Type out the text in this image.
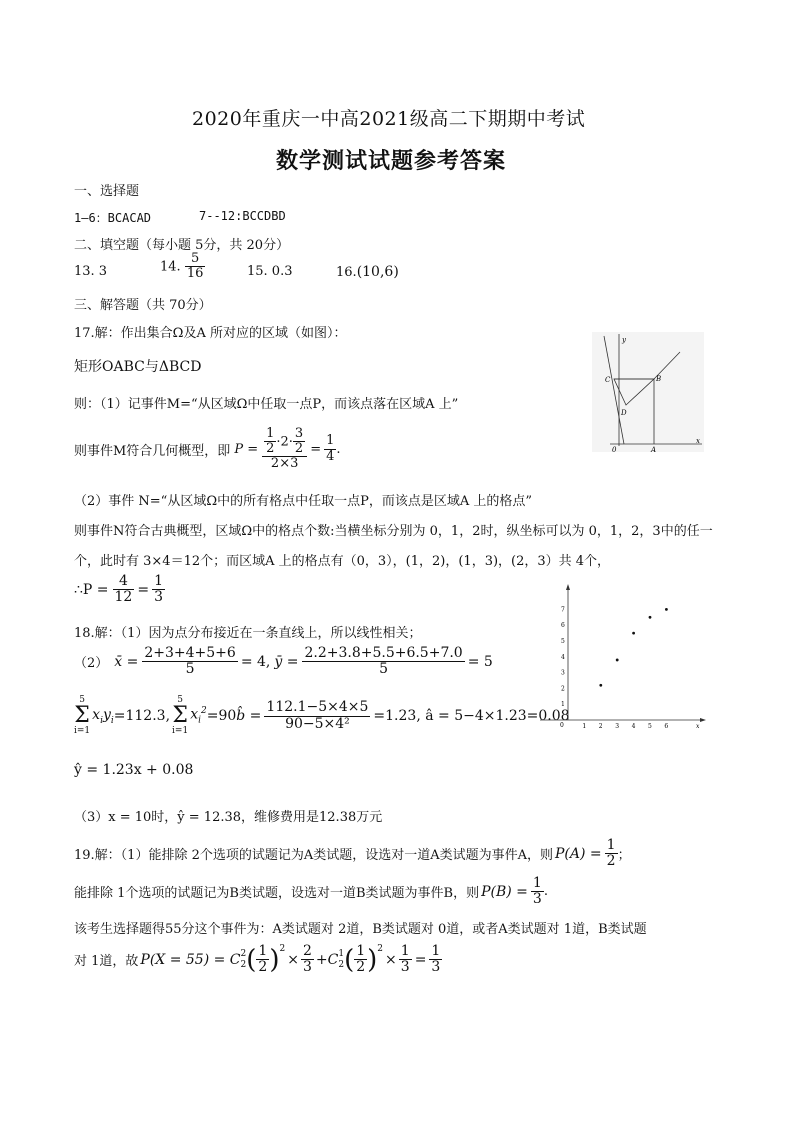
2020年重庆一中高2021级高二下期期中考试
数学测试试题参考答案
一、选择题
1—6：BCACAD	7--12:BCCDBD
二、填空题（每小题 5分，共 20分）
13. 3	14. $\frac{5}{16}$	15. 0.3	16.(10,6)
三、解答题（共 70分）
17.解：作出集合Ω及A 所对应的区域（如图）：
矩形OABC与ΔBCD
则：（1）记事件M=“从区域Ω中任取一点P，而该点落在区域A 上”
则事件M符合几何概型，即 $P = \frac{\frac{1}{2} \cdot 2\cdot \frac{3}{2}}{2\times 3} = \frac{1}{4}$ .
（2）事件 N=“从区域Ω中的所有格点中任取一点P，而该点是区域A 上的格点”
则事件N符合古典概型，区域Ω中的格点个数:当横坐标分别为 0，1，2时，纵坐标可以为 0，1，2，3中的任一
个，此时有 3×4＝12个；而区域A 上的格点有（0，3），(1，2)，(1，3)，(2，3）共 4个，
∴P = $\frac{4}{12} = \frac{1}{3}$
y
x
C	B
D
0	A
18.解：（1）因为点分布接近在一条直线上，所以线性相关；
（2） x̄ = $\frac{2+3+4+5+6}{5} = 4$, ȳ = $\frac{2.2+3.8+5.5+6.5+7.0}{5} = 5$
5
Σ
i=1
$x_iy_i =112.3$,
5
Σ
i=1
$x_i^2 =90$ b̂ = $\frac{112.1-5\times 4\times 5}{\text{90−5×4²}} =1.23$, â = 5−4×1.23=0.08
ŷ = 1.23x + 0.08
（3）x = 10时，ŷ = 12.38，维修费用是12.38万元
0	x
1 2 3 4 5 6
1
2
3
4
5
6
7
19.解：（1）能排除 2个选项的试题记为A类试题，设选对一道A类试题为事件A，则 $P(A) = \frac{1}{2}$ ；
能排除 1个选项的试题记为B类试题，设选对一道B类试题为事件B，则 $P(B) = \frac{1}{3}$ .
该考生选择题得55分这个事件为：A类试题对 2道，B类试题对 0道，或者A类试题对 1道，B类试题
对 1道，故 P(X = 55) = C 2
2 ( $\frac{1}{2}$ ) 2
× $\frac{2}{3} +C$ 1
2 ( $\frac{1}{2}$ ) 2
× $\frac{1}{3} = \frac{1}{3}$
